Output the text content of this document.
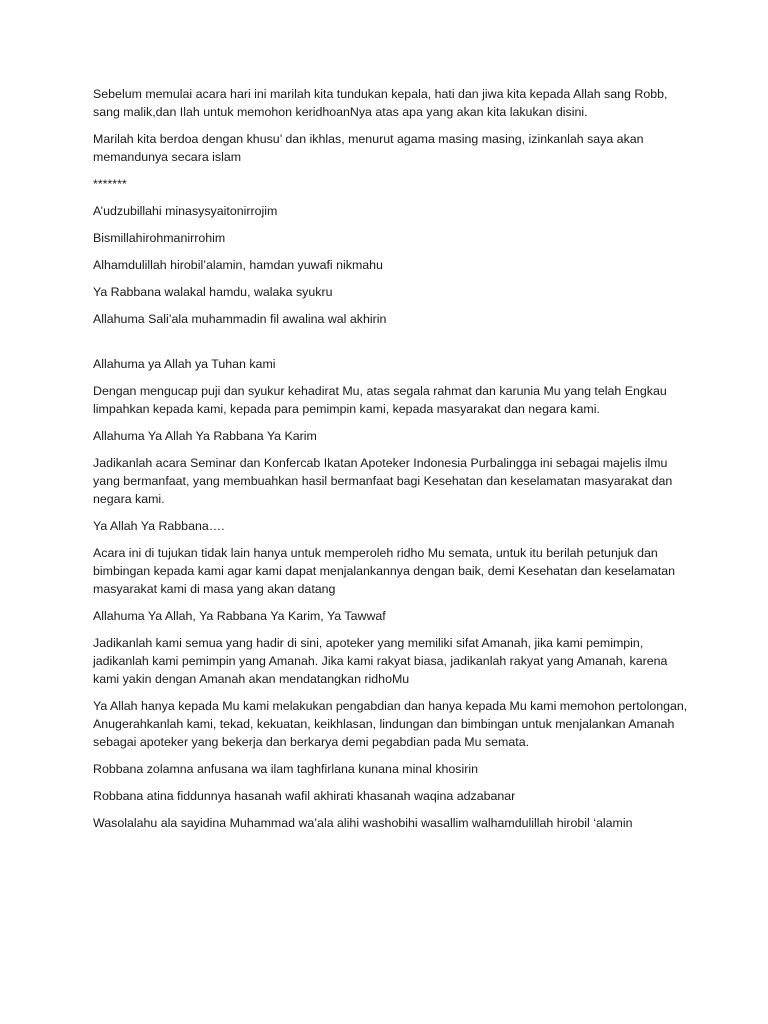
Sebelum memulai acara hari ini marilah kita tundukan kepala, hati dan jiwa kita kepada Allah sang Robb, sang malik,dan Ilah untuk memohon keridhoanNya atas apa yang akan kita lakukan disini.

Marilah kita berdoa dengan khusu’ dan ikhlas, menurut agama masing masing, izinkanlah saya akan memandunya secara islam

*******

A’udzubillahi minasysyaitonirrojim

Bismillahirohmanirrohim

Alhamdulillah hirobil’alamin, hamdan yuwafi nikmahu

Ya Rabbana walakal hamdu, walaka syukru

Allahuma Sali’ala muhammadin fil awalina wal akhirin

Allahuma ya Allah ya Tuhan kami

Dengan mengucap puji dan syukur kehadirat Mu, atas segala rahmat dan karunia Mu yang telah Engkau limpahkan kepada kami, kepada para pemimpin kami, kepada masyarakat dan negara kami.

Allahuma Ya Allah Ya Rabbana Ya Karim

Jadikanlah acara Seminar dan Konfercab Ikatan Apoteker Indonesia Purbalingga ini sebagai majelis ilmu yang bermanfaat, yang membuahkan hasil bermanfaat bagi Kesehatan dan keselamatan masyarakat dan negara kami.

Ya Allah Ya Rabbana….

Acara ini di tujukan tidak lain hanya untuk memperoleh ridho Mu semata, untuk itu berilah petunjuk dan bimbingan kepada kami agar kami dapat menjalankannya dengan baik, demi Kesehatan dan keselamatan masyarakat kami di masa yang akan datang

Allahuma Ya Allah, Ya Rabbana Ya Karim, Ya Tawwaf

Jadikanlah kami semua yang hadir di sini, apoteker yang memiliki sifat Amanah, jika kami pemimpin, jadikanlah kami pemimpin yang Amanah. Jika kami rakyat biasa, jadikanlah rakyat yang Amanah, karena kami yakin dengan Amanah akan mendatangkan ridhoMu

Ya Allah hanya kepada Mu kami melakukan pengabdian dan hanya kepada Mu kami memohon pertolongan, Anugerahkanlah kami, tekad, kekuatan, keikhlasan, lindungan dan bimbingan untuk menjalankan Amanah sebagai apoteker yang bekerja dan berkarya demi pegabdian pada Mu semata.

Robbana zolamna anfusana wa ilam taghfirlana kunana minal khosirin

Robbana atina fiddunnya hasanah wafil akhirati khasanah waqina adzabanar

Wasolalahu ala sayidina Muhammad wa’ala alihi washobihi wasallim walhamdulillah hirobil ‘alamin
